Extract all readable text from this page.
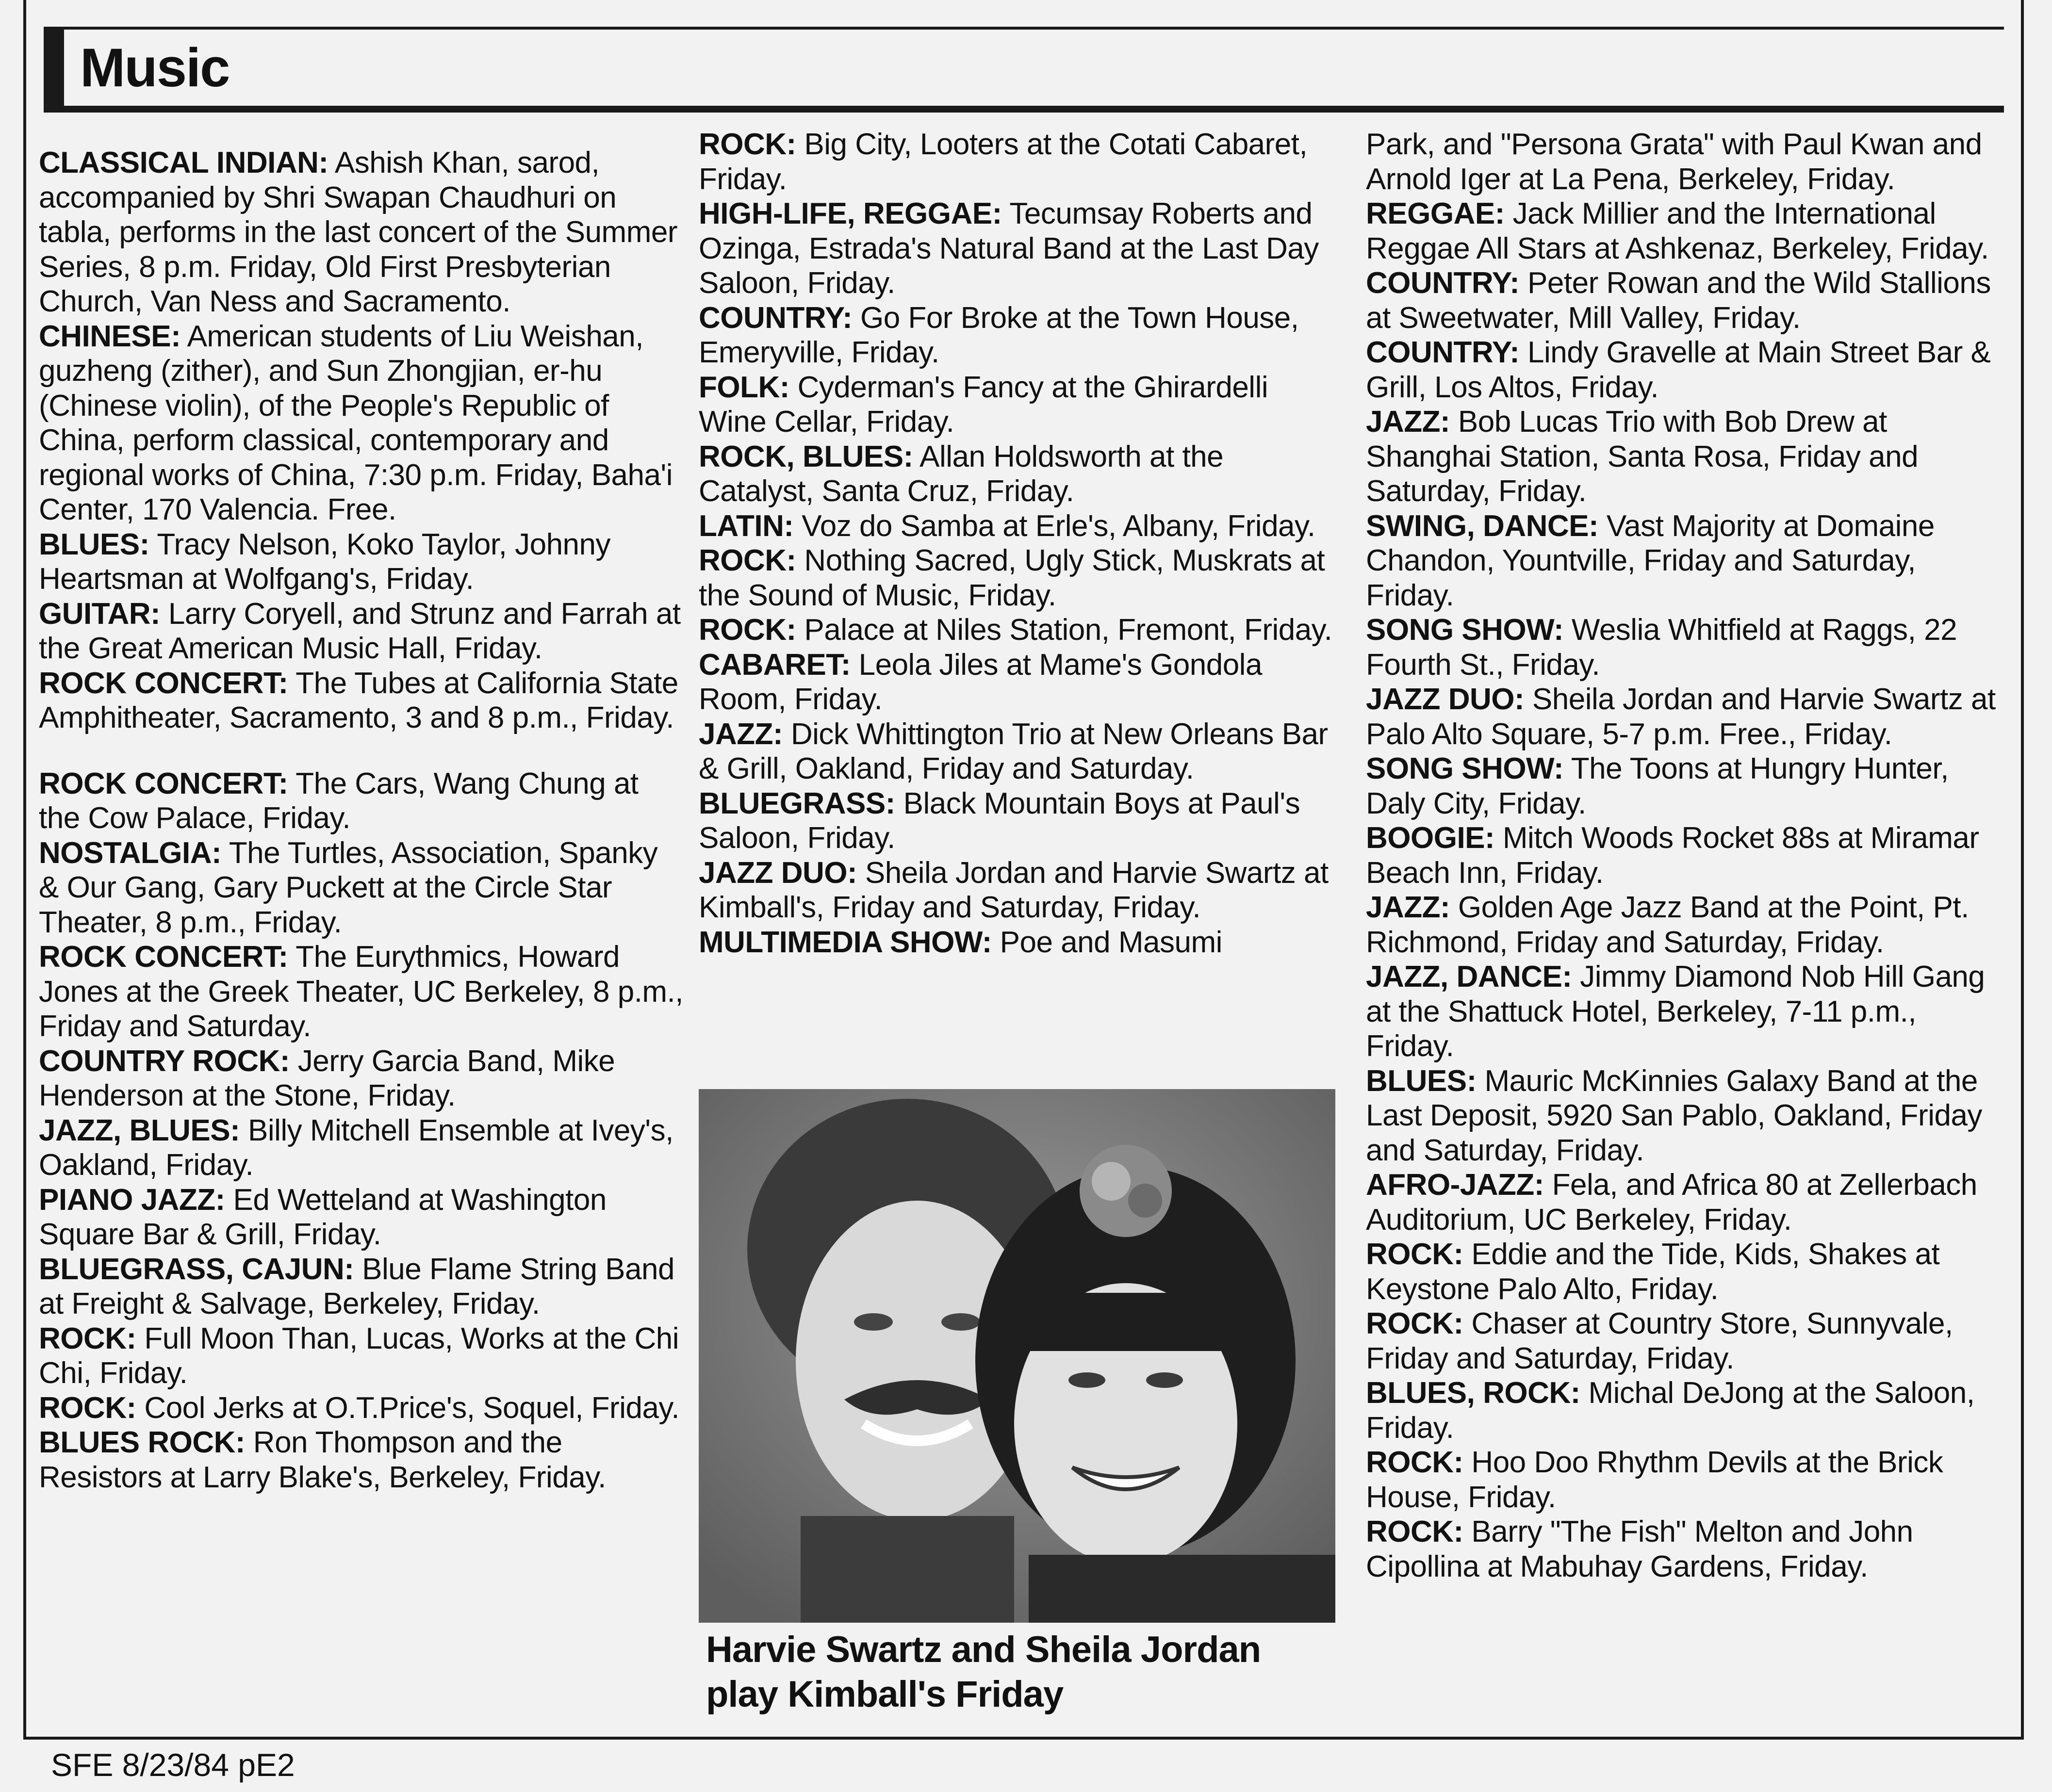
Music

CLASSICAL INDIAN: Ashish Khan, sarod, accompanied by Shri Swapan Chaudhuri on tabla, performs in the last concert of the Summer Series, 8 p.m. Friday, Old First Presbyterian Church, Van Ness and Sacramento.

CHINESE: American students of Liu Weishan, guzheng (zither), and Sun Zhongjian, er-hu (Chinese violin), of the People's Republic of China, perform classical, contemporary and regional works of China, 7:30 p.m. Friday, Baha'i Center, 170 Valencia. Free.

BLUES: Tracy Nelson, Koko Taylor, Johnny Heartsman at Wolfgang's, Friday.

GUITAR: Larry Coryell, and Strunz and Farrah at the Great American Music Hall, Friday.

ROCK CONCERT: The Tubes at California State Amphitheater, Sacramento, 3 and 8 p.m., Friday.

ROCK CONCERT: The Cars, Wang Chung at the Cow Palace, Friday.

NOSTALGIA: The Turtles, Association, Spanky & Our Gang, Gary Puckett at the Circle Star Theater, 8 p.m., Friday.

ROCK CONCERT: The Eurythmics, Howard Jones at the Greek Theater, UC Berkeley, 8 p.m., Friday and Saturday.

COUNTRY ROCK: Jerry Garcia Band, Mike Henderson at the Stone, Friday.

JAZZ, BLUES: Billy Mitchell Ensemble at Ivey's, Oakland, Friday.

PIANO JAZZ: Ed Wetteland at Washington Square Bar & Grill, Friday.

BLUEGRASS, CAJUN: Blue Flame String Band at Freight & Salvage, Berkeley, Friday.

ROCK: Full Moon Than, Lucas, Works at the Chi Chi, Friday.

ROCK: Cool Jerks at O.T.Price's, Soquel, Friday.

BLUES ROCK: Ron Thompson and the Resistors at Larry Blake's, Berkeley, Friday.

ROCK: Big City, Looters at the Cotati Cabaret, Friday.

HIGH-LIFE, REGGAE: Tecumsay Roberts and Ozinga, Estrada's Natural Band at the Last Day Saloon, Friday.

COUNTRY: Go For Broke at the Town House, Emeryville, Friday.

FOLK: Cyderman's Fancy at the Ghirardelli Wine Cellar, Friday.

ROCK, BLUES: Allan Holdsworth at the Catalyst, Santa Cruz, Friday.

LATIN: Voz do Samba at Erle's, Albany, Friday.

ROCK: Nothing Sacred, Ugly Stick, Muskrats at the Sound of Music, Friday.

ROCK: Palace at Niles Station, Fremont, Friday.

CABARET: Leola Jiles at Mame's Gondola Room, Friday.

JAZZ: Dick Whittington Trio at New Orleans Bar & Grill, Oakland, Friday and Saturday.

BLUEGRASS: Black Mountain Boys at Paul's Saloon, Friday.

JAZZ DUO: Sheila Jordan and Harvie Swartz at Kimball's, Friday and Saturday, Friday.

MULTIMEDIA SHOW: Poe and Masumi

Harvie Swartz and Sheila Jordan play Kimball's Friday

Park, and "Persona Grata" with Paul Kwan and Arnold Iger at La Pena, Berkeley, Friday.

REGGAE: Jack Millier and the International Reggae All Stars at Ashkenaz, Berkeley, Friday.

COUNTRY: Peter Rowan and the Wild Stallions at Sweetwater, Mill Valley, Friday.

COUNTRY: Lindy Gravelle at Main Street Bar & Grill, Los Altos, Friday.

JAZZ: Bob Lucas Trio with Bob Drew at Shanghai Station, Santa Rosa, Friday and Saturday, Friday.

SWING, DANCE: Vast Majority at Domaine Chandon, Yountville, Friday and Saturday, Friday.

SONG SHOW: Weslia Whitfield at Raggs, 22 Fourth St., Friday.

JAZZ DUO: Sheila Jordan and Harvie Swartz at Palo Alto Square, 5-7 p.m. Free., Friday.

SONG SHOW: The Toons at Hungry Hunter, Daly City, Friday.

BOOGIE: Mitch Woods Rocket 88s at Miramar Beach Inn, Friday.

JAZZ: Golden Age Jazz Band at the Point, Pt. Richmond, Friday and Saturday, Friday.

JAZZ, DANCE: Jimmy Diamond Nob Hill Gang at the Shattuck Hotel, Berkeley, 7-11 p.m., Friday.

BLUES: Mauric McKinnies Galaxy Band at the Last Deposit, 5920 San Pablo, Oakland, Friday and Saturday, Friday.

AFRO-JAZZ: Fela, and Africa 80 at Zellerbach Auditorium, UC Berkeley, Friday.

ROCK: Eddie and the Tide, Kids, Shakes at Keystone Palo Alto, Friday.

ROCK: Chaser at Country Store, Sunnyvale, Friday and Saturday, Friday.

BLUES, ROCK: Michal DeJong at the Saloon, Friday.

ROCK: Hoo Doo Rhythm Devils at the Brick House, Friday.

ROCK: Barry "The Fish" Melton and John Cipollina at Mabuhay Gardens, Friday.

SFE 8/23/84 pE2
